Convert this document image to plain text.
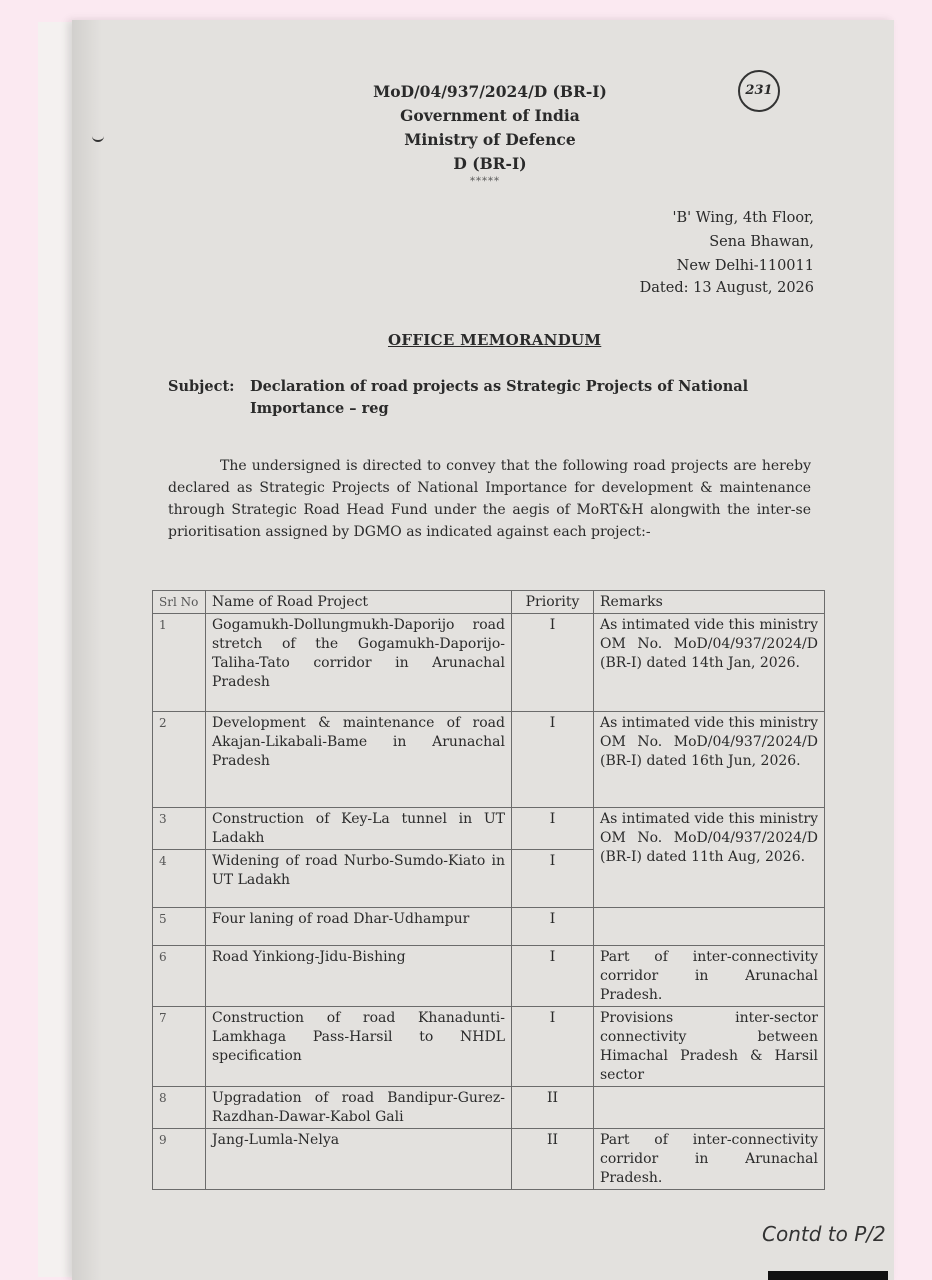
MoD/04/937/2024/D (BR-I)
Government of India
Ministry of Defence
D (BR-I)
*****
231
'B' Wing, 4th Floor,
Sena Bhawan,
New Delhi-110011
Dated: 13 August, 2026
OFFICE MEMORANDUM
Subject: Declaration of road projects as Strategic Projects of National
Importance – reg
The undersigned is directed to convey that the following road projects are hereby declared as Strategic Projects of National Importance for development & maintenance through Strategic Road Head Fund under the aegis of MoRT&H alongwith the inter-se prioritisation assigned by DGMO as indicated against each project:-
Srl No	Name of Road Project	Priority	Remarks
1	Gogamukh-Dollungmukh-Daporijo road stretch of the Gogamukh-Daporijo-Taliha-Tato corridor in Arunachal Pradesh	I	As intimated vide this ministry OM No. MoD/04/937/2024/D (BR-I) dated 14th Jan, 2026.
2	Development & maintenance of road Akajan-Likabali-Bame in Arunachal Pradesh	I	As intimated vide this ministry OM No. MoD/04/937/2024/D (BR-I) dated 16th Jun, 2026.
3	Construction of Key-La tunnel in UT Ladakh	I	As intimated vide this ministry OM No. MoD/04/937/2024/D (BR-I) dated 11th Aug, 2026.
4	Widening of road Nurbo-Sumdo-Kiato in UT Ladakh	I	
5	Four laning of road Dhar-Udhampur	I	
6	Road Yinkiong-Jidu-Bishing	I	Part of inter-connectivity corridor in Arunachal Pradesh.
7	Construction of road Khanadunti-Lamkhaga Pass-Harsil to NHDL specification	I	Provisions inter-sector connectivity between Himachal Pradesh & Harsil sector
8	Upgradation of road Bandipur-Gurez-Razdhan-Dawar-Kabol Gali	II	
9	Jang-Lumla-Nelya	II	Part of inter-connectivity corridor in Arunachal Pradesh.
Contd to P/2
